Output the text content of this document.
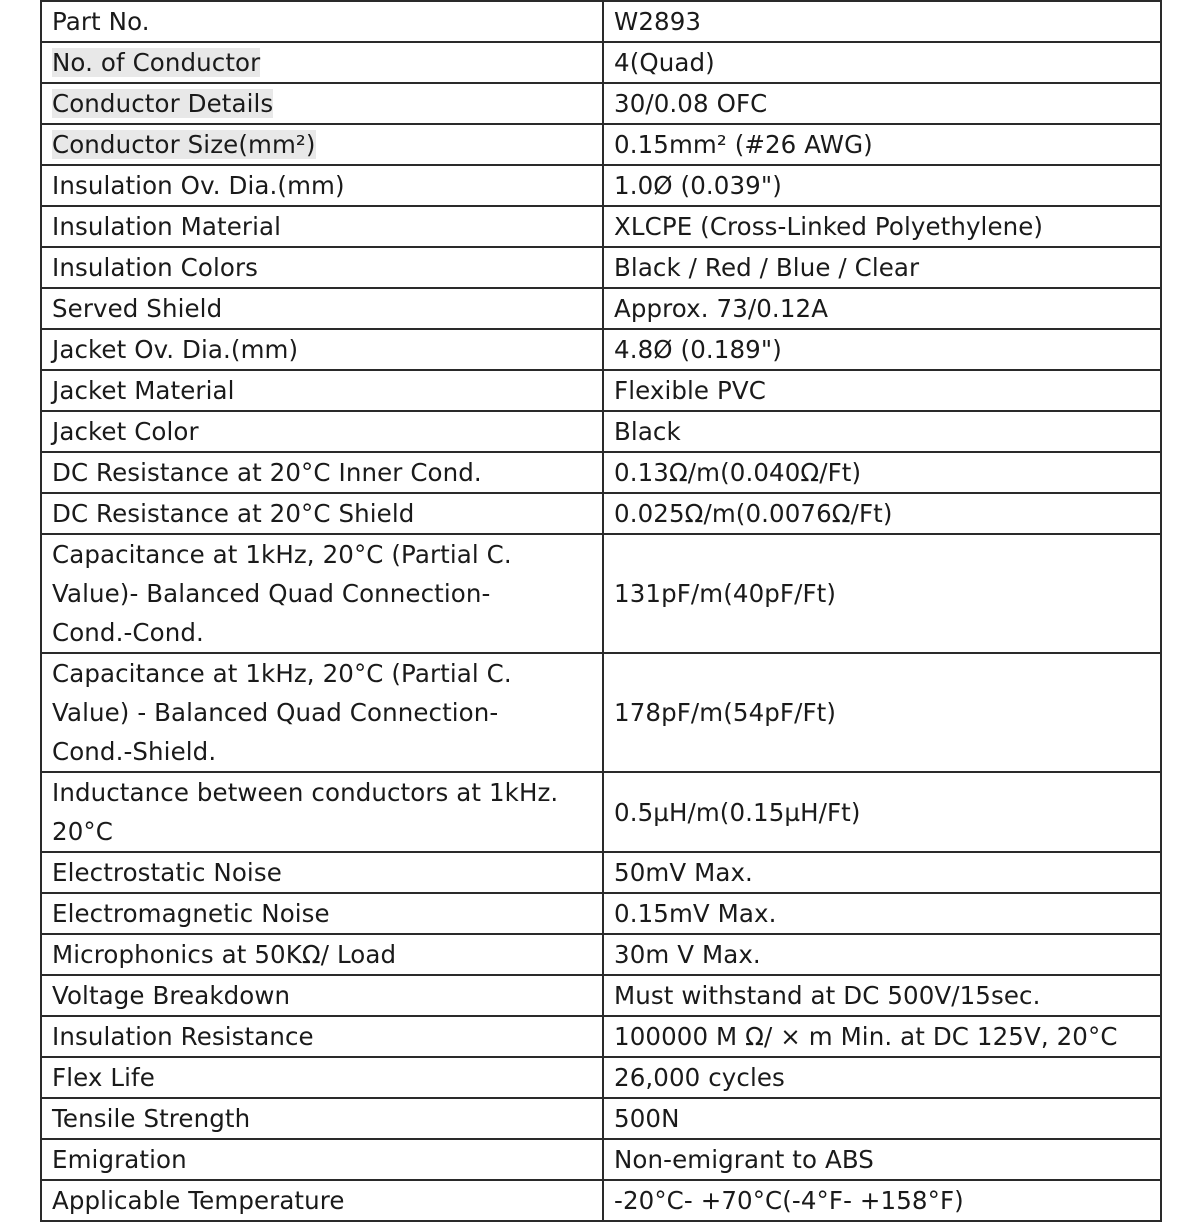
Part No.	W2893
No. of Conductor	4(Quad)
Conductor Details	30/0.08 OFC
Conductor Size(mm²)	0.15mm² (#26 AWG)
Insulation Ov. Dia.(mm)	1.0Ø (0.039")
Insulation Material	XLCPE (Cross-Linked Polyethylene)
Insulation Colors	Black / Red / Blue / Clear
Served Shield	Approx. 73/0.12A
Jacket Ov. Dia.(mm)	4.8Ø (0.189")
Jacket Material	Flexible PVC
Jacket Color	Black
DC Resistance at 20°C Inner Cond.	0.13Ω/m(0.040Ω/Ft)
DC Resistance at 20°C Shield	0.025Ω/m(0.0076Ω/Ft)
Capacitance at 1kHz, 20°C (Partial C.
Value)- Balanced Quad Connection-
Cond.-Cond.	131pF/m(40pF/Ft)
Capacitance at 1kHz, 20°C (Partial C.
Value) - Balanced Quad Connection-
Cond.-Shield.	178pF/m(54pF/Ft)
Inductance between conductors at 1kHz.
20°C	0.5µH/m(0.15µH/Ft)
Electrostatic Noise	50mV Max.
Electromagnetic Noise	0.15mV Max.
Microphonics at 50KΩ/ Load	30m V Max.
Voltage Breakdown	Must withstand at DC 500V/15sec.
Insulation Resistance	100000 M Ω/ × m Min. at DC 125V, 20°C
Flex Life	26,000 cycles
Tensile Strength	500N
Emigration	Non-emigrant to ABS
Applicable Temperature	-20°C- +70°C(-4°F- +158°F)
